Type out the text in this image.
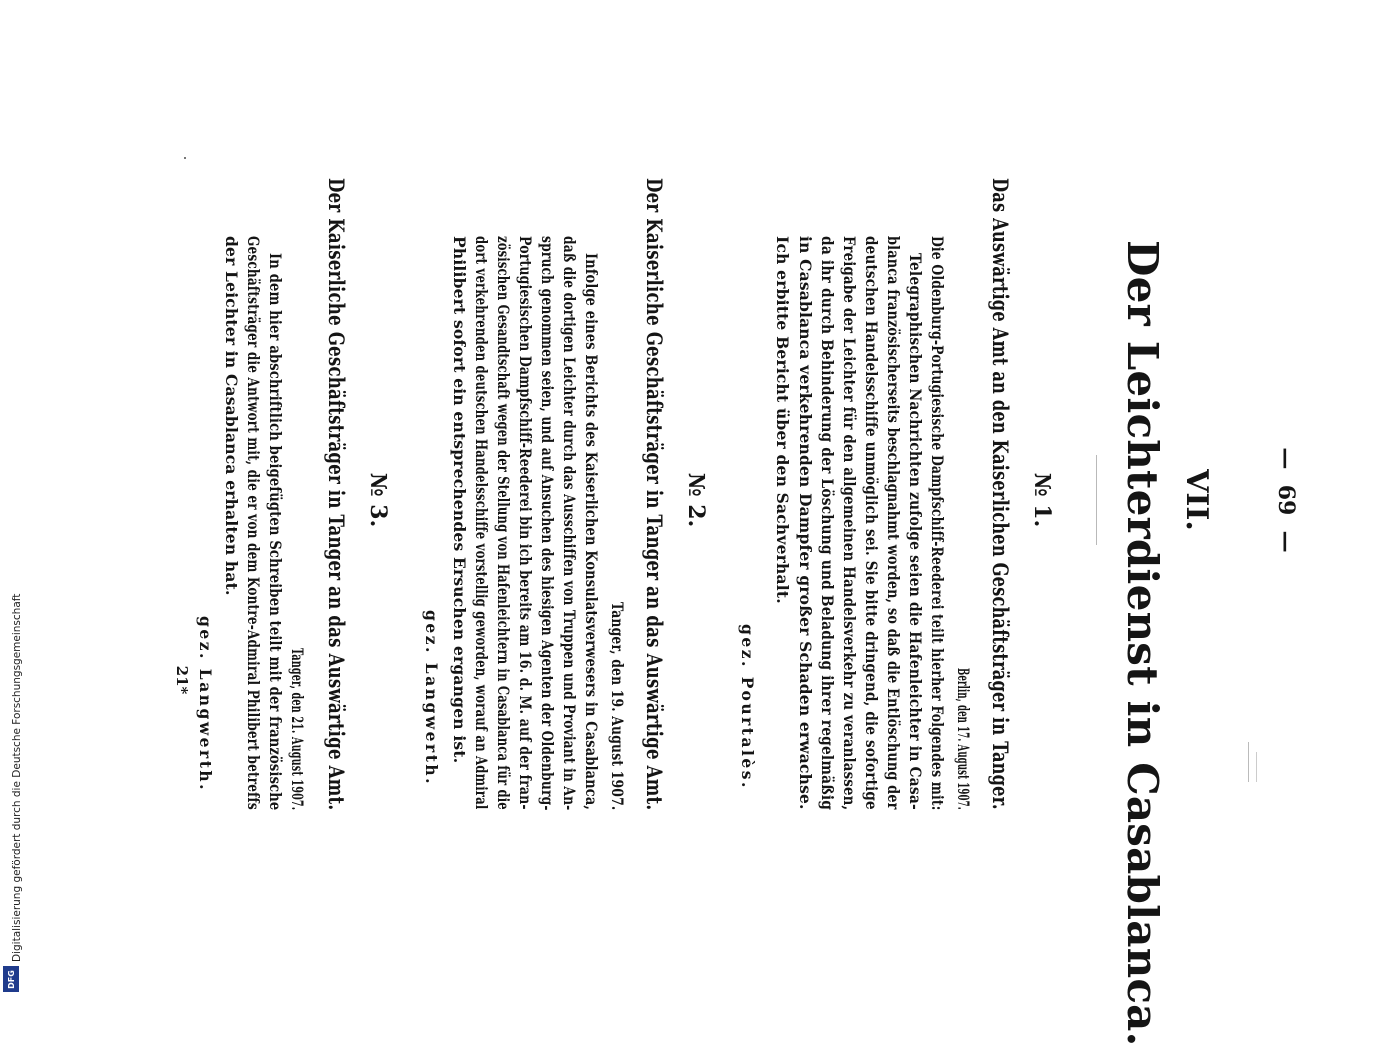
Digitalisierung gefördert durch die Deutsche Forschungsgemeinschaft
DFG
—  69  —
VII.
Der Leichterdienst in Casablanca.
№ 1.
Das Auswärtige Amt an den Kaiserlichen Geschäftsträger in Tanger.
Berlin, den 17. August 1907.
Die Oldenburg-Portugiesische Dampfschiff-Reederei teilt hierher Folgendes mit:
Telegraphischen Nachrichten zufolge seien die Hafenleichter in Casa-
blanca französischerseits beschlagnahmt worden, so daß die Entlöschung der
deutschen Handelsschiffe unmöglich sei. Sie bitte dringend, die sofortige
Freigabe der Leichter für den allgemeinen Handelsverkehr zu veranlassen,
da ihr durch Behinderung der Löschung und Beladung ihrer regelmäßig
in Casablanca verkehrenden Dampfer großer Schaden erwachse.
Ich erbitte Bericht über den Sachverhalt.
gez. Pourtalès.
№ 2.
Der Kaiserliche Geschäftsträger in Tanger an das Auswärtige Amt.
Tanger, den 19. August 1907.
Infolge eines Berichts des Kaiserlichen Konsulatsverwesers in Casablanca,
daß die dortigen Leichter durch das Ausschiffen von Truppen und Proviant in An-
spruch genommen seien, und auf Ansuchen des hiesigen Agenten der Oldenburg-
Portugiesischen Dampfschiff-Reederei bin ich bereits am 16. d. M. auf der fran-
zösischen Gesandtschaft wegen der Stellung von Hafenleichtern in Casablanca für die
dort verkehrenden deutschen Handelsschiffe vorstellig geworden, worauf an Admiral
Philibert sofort ein entsprechendes Ersuchen ergangen ist.
gez. Langwerth.
№ 3.
Der Kaiserliche Geschäftsträger in Tanger an das Auswärtige Amt.
Tanger, den 21. August 1907.
In dem hier abschriftlich beigefügten Schreiben teilt mit der französische
Geschäftsträger die Antwort mit, die er von dem Kontre-Admiral Philibert betreffs
der Leichter in Casablanca erhalten hat.
gez. Langwerth.
21*
